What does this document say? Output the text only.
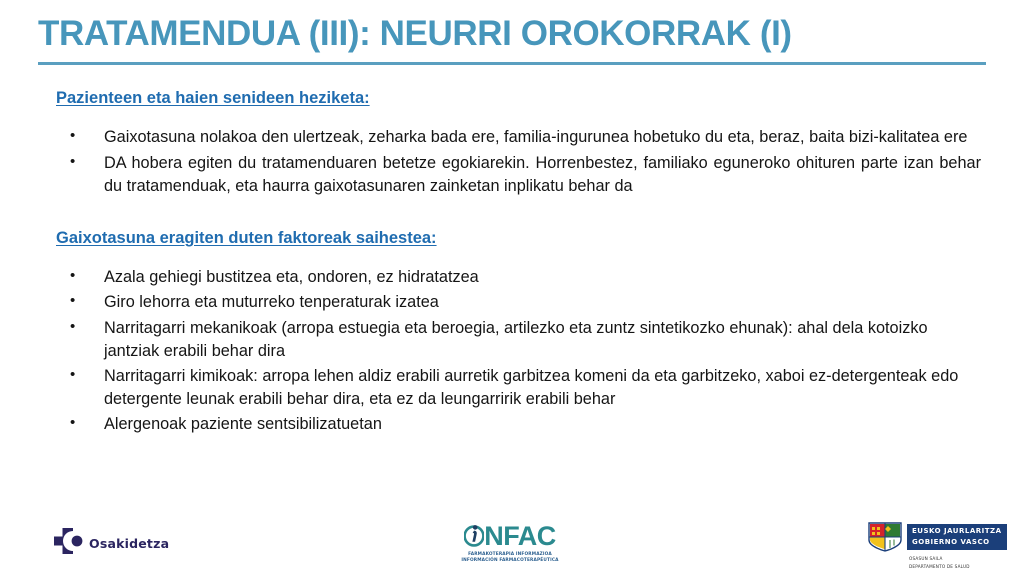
TRATAMENDUA (III): NEURRI OROKORRAK (I)
Pazienteen eta haien senideen heziketa:
• Gaixotasuna nolakoa den ulertzeak, zeharka bada ere, familia-ingurunea hobetuko du eta, beraz, baita bizi-kalitatea ere
• DA hobera egiten du tratamenduaren betetze egokiarekin. Horrenbestez, familiako eguneroko ohituren parte izan behar du tratamenduak, eta haurra gaixotasunaren zainketan inplikatu behar da
Gaixotasuna eragiten duten faktoreak saihestea:
• Azala gehiegi bustitzea eta, ondoren, ez hidratatzea
• Giro lehorra eta muturreko tenperaturak izatea
• Narritagarri mekanikoak (arropa estuegia eta beroegia, artilezko eta zuntz sintetikozko ehunak): ahal dela kotoizko jantziak erabili behar dira
• Narritagarri kimikoak: arropa lehen aldiz erabili aurretik garbitzea komeni da eta garbitzeko, xaboi ez-detergenteak edo detergente leunak erabili behar dira, eta ez da leungarririk erabili behar
• Alergenoak paziente sentsibilizatuetan
Osakidetza	NFAC
FARMAKOTERAPIA INFORMAZIOA
INFORMACIÓN FARMACOTERAPÉUTICA
EUSKO JAURLARITZA
GOBIERNO VASCO
OSASUN SAILA
DEPARTAMENTO DE SALUD
